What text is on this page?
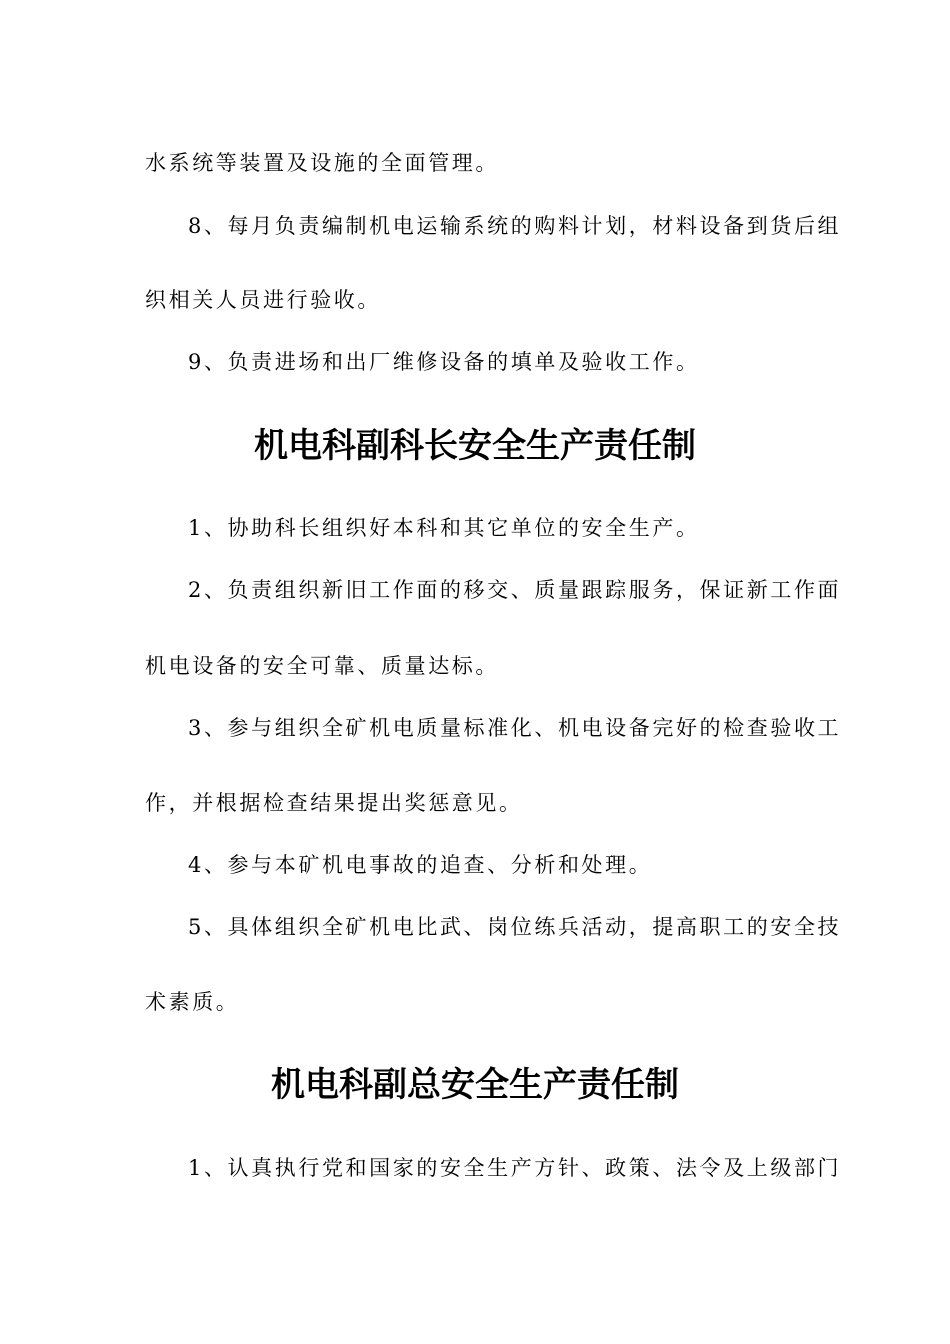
水系统等装置及设施的全面管理。
8、每月负责编制机电运输系统的购料计划，材料设备到货后组
织相关人员进行验收。
9、负责进场和出厂维修设备的填单及验收工作。
机电科副科长安全生产责任制
1、协助科长组织好本科和其它单位的安全生产。
2、负责组织新旧工作面的移交、质量跟踪服务，保证新工作面
机电设备的安全可靠、质量达标。
3、参与组织全矿机电质量标准化、机电设备完好的检查验收工
作，并根据检查结果提出奖惩意见。
4、参与本矿机电事故的追查、分析和处理。
5、具体组织全矿机电比武、岗位练兵活动，提高职工的安全技
术素质。
机电科副总安全生产责任制
1、认真执行党和国家的安全生产方针、政策、法令及上级部门
